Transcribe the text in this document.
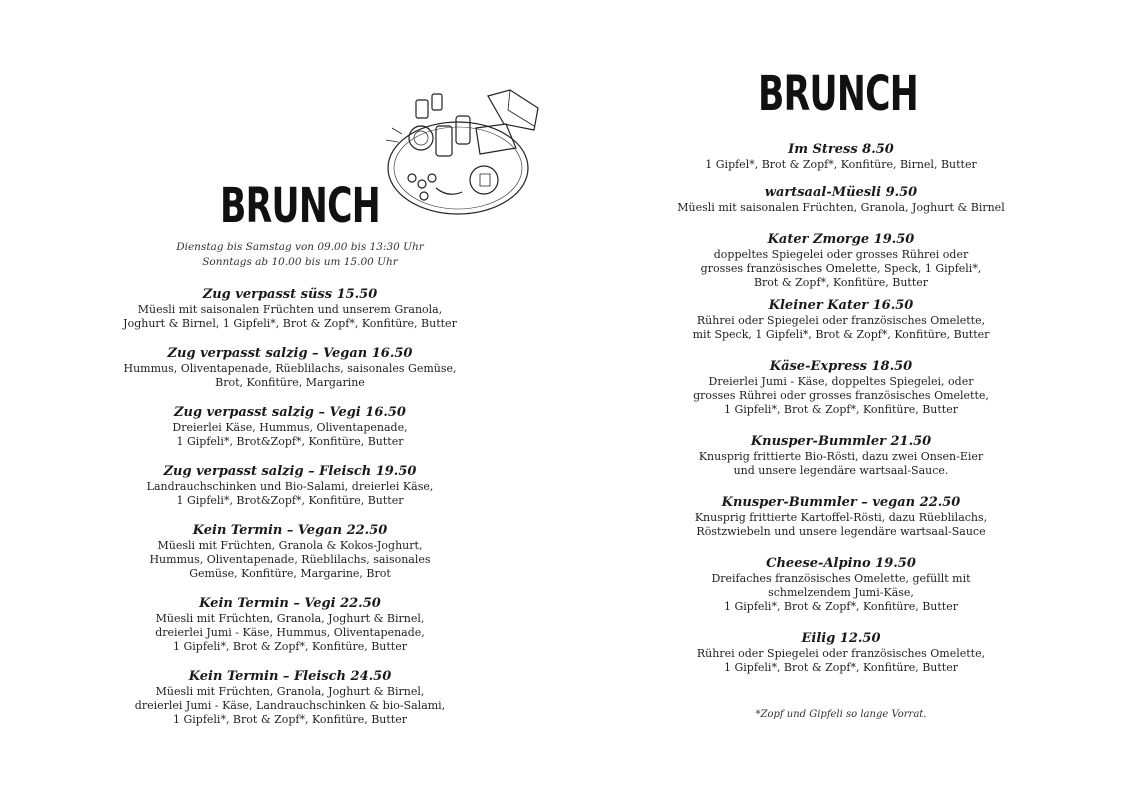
BRUNCH
Dienstag bis Samstag von 09.00 bis 13:30 Uhr
Sonntags ab 10.00 bis um 15.00 Uhr
Zug verpasst süss 15.50
Müesli mit saisonalen Früchten und unserem Granola,
Joghurt & Birnel, 1 Gipfeli*, Brot & Zopf*, Konfitüre, Butter
Zug verpasst salzig – Vegan 16.50
Hummus, Oliventapenade, Rüeblilachs, saisonales Gemüse,
Brot, Konfitüre, Margarine
Zug verpasst salzig – Vegi 16.50
Dreierlei Käse, Hummus, Oliventapenade,
1 Gipfeli*, Brot&Zopf*, Konfitüre, Butter
Zug verpasst salzig – Fleisch 19.50
Landrauchschinken und Bio-Salami, dreierlei Käse,
1 Gipfeli*, Brot&Zopf*, Konfitüre, Butter
Kein Termin – Vegan 22.50
Müesli mit Früchten, Granola & Kokos-Joghurt,
Hummus, Oliventapenade, Rüeblilachs, saisonales
Gemüse, Konfitüre, Margarine, Brot
Kein Termin – Vegi 22.50
Müesli mit Früchten, Granola, Joghurt & Birnel,
dreierlei Jumi - Käse, Hummus, Oliventapenade,
1 Gipfeli*, Brot & Zopf*, Konfitüre, Butter
Kein Termin – Fleisch 24.50
Müesli mit Früchten, Granola, Joghurt & Birnel,
dreierlei Jumi - Käse, Landrauchschinken & bio-Salami,
1 Gipfeli*, Brot & Zopf*, Konfitüre, Butter
BRUNCH
Im Stress 8.50
1 Gipfel*, Brot & Zopf*, Konfitüre, Birnel, Butter
wartsaal-Müesli 9.50
Müesli mit saisonalen Früchten, Granola, Joghurt & Birnel
Kater Zmorge 19.50
doppeltes Spiegelei oder grosses Rührei oder
grosses französisches Omelette, Speck, 1 Gipfeli*,
Brot & Zopf*, Konfitüre, Butter
Kleiner Kater 16.50
Rührei oder Spiegelei oder französisches Omelette,
mit Speck, 1 Gipfeli*, Brot & Zopf*, Konfitüre, Butter
Käse-Express 18.50
Dreierlei Jumi - Käse, doppeltes Spiegelei, oder
grosses Rührei oder grosses französisches Omelette,
1 Gipfeli*, Brot & Zopf*, Konfitüre, Butter
Knusper-Bummler 21.50
Knusprig frittierte Bio-Rösti, dazu zwei Onsen-Eier
und unsere legendäre wartsaal-Sauce.
Knusper-Bummler – vegan 22.50
Knusprig frittierte Kartoffel-Rösti, dazu Rüeblilachs,
Röstzwiebeln und unsere legendäre wartsaal-Sauce
Cheese-Alpino 19.50
Dreifaches französisches Omelette, gefüllt mit
schmelzendem Jumi-Käse,
1 Gipfeli*, Brot & Zopf*, Konfitüre, Butter
Eilig 12.50
Rührei oder Spiegelei oder französisches Omelette,
1 Gipfeli*, Brot & Zopf*, Konfitüre, Butter
*Zopf und Gipfeli so lange Vorrat.
